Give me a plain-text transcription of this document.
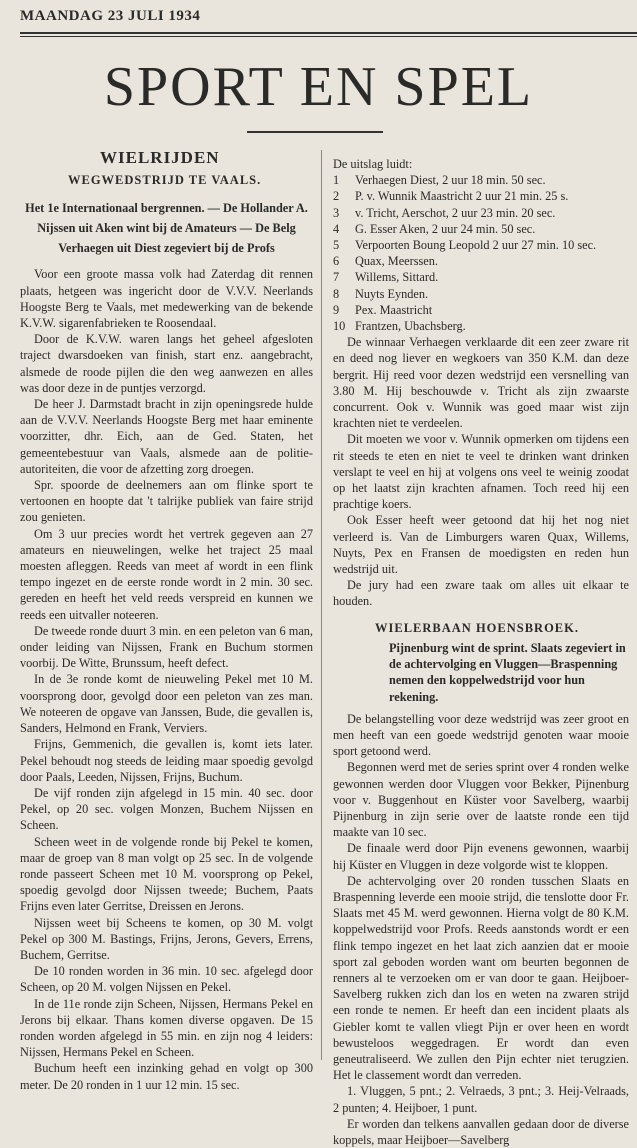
MAANDAG 23 JULI 1934
SPORT EN SPEL
WIELRIJDEN
WEGWEDSTRIJD TE VAALS.
Het 1e Internationaal bergrennen. — De Hollander A. Nijssen uit Aken wint bij de Amateurs — De Belg Verhaegen uit Diest zegeviert bij de Profs

Voor een groote massa volk had Zaterdag dit rennen plaats, hetgeen was ingericht door de V.V.V. Neerlands Hoogste Berg te Vaals, met medewerking van de bekende K.V.W. sigarenfabrieken te Roosendaal.

Door de K.V.W. waren langs het geheel afgesloten traject dwarsdoeken van finish, start enz. aangebracht, alsmede de roode pijlen die den weg aanwezen en alles was door deze in de puntjes verzorgd.

De heer J. Darmstadt bracht in zijn openingsrede hulde aan de V.V.V. Neerlands Hoogste Berg met haar eminente voorzitter, dhr. Eich, aan de Ged. Staten, het gemeentebestuur van Vaals, alsmede aan de politie-autoriteiten, die voor de afzetting zorg droegen.

Spr. spoorde de deelnemers aan om flinke sport te vertoonen en hoopte dat 't talrijke publiek van faire strijd zou genieten.

Om 3 uur precies wordt het vertrek gegeven aan 27 amateurs en nieuwelingen, welke het traject 25 maal moesten afleggen. Reeds van meet af wordt in een flink tempo ingezet en de eerste ronde wordt in 2 min. 30 sec. gereden en heeft het veld reeds verspreid en kunnen we reeds een uitvaller noteeren.

De tweede ronde duurt 3 min. en een peleton van 6 man, onder leiding van Nijssen, Frank en Buchum stormen voorbij. De Witte, Brunssum, heeft defect.

In de 3e ronde komt de nieuweling Pekel met 10 M. voorsprong door, gevolgd door een peleton van zes man. We noteeren de opgave van Janssen, Bude, die gevallen is, Sanders, Helmond en Frank, Verviers.

Frijns, Gemmenich, die gevallen is, komt iets later. Pekel behoudt nog steeds de leiding maar spoedig gevolgd door Paals, Leeden, Nijssen, Frijns, Buchum.

De vijf ronden zijn afgelegd in 15 min. 40 sec. door Pekel, op 20 sec. volgen Monzen, Buchem Nijssen en Scheen.

Scheen weet in de volgende ronde bij Pekel te komen, maar de groep van 8 man volgt op 25 sec. In de volgende ronde passeert Scheen met 10 M. voorsprong op Pekel, spoedig gevolgd door Nijssen tweede; Buchem, Paats Frijns even later Gerritse, Dreissen en Jerons.

Nijssen weet bij Scheens te komen, op 30 M. volgt Pekel op 300 M. Bastings, Frijns, Jerons, Gevers, Errens, Buchem, Gerritse.

De 10 ronden worden in 36 min. 10 sec. afgelegd door Scheen, op 20 M. volgen Nijssen en Pekel.

In de 11e ronde zijn Scheen, Nijssen, Hermans Pekel en Jerons bij elkaar. Thans komen diverse opgaven. De 15 ronden worden afgelegd in 55 min. en zijn nog 4 leiders: Nijssen, Hermans Pekel en Scheen.

Buchum heeft een inzinking gehad en volgt op 300 meter. De 20 ronden in 1 uur 12 min. 15 sec.

De uitslag luidt:

1	Verhaegen Diest, 2 uur 18 min. 50 sec.
2	P. v. Wunnik Maastricht 2 uur 21 min. 25 s.
3	v. Tricht, Aerschot, 2 uur 23 min. 20 sec.
4	G. Esser Aken, 2 uur 24 min. 50 sec.
5	Verpoorten Boung Leopold 2 uur 27 min. 10 sec.
6	Quax, Meerssen.
7	Willems, Sittard.
8	Nuyts Eynden.
9	Pex. Maastricht
10 Frantzen, Ubachsberg.

De winnaar Verhaegen verklaarde dit een zeer zware rit en deed nog liever en wegkoers van 350 K.M. dan deze bergrit. Hij reed voor dezen wedstrijd een versnelling van 3.80 M. Hij beschouwde v. Tricht als zijn zwaarste concurrent. Ook v. Wunnik was goed maar wist zijn krachten niet te verdeelen.

Dit moeten we voor v. Wunnik opmerken om tijdens een rit steeds te eten en niet te veel te drinken want drinken verslapt te veel en hij at volgens ons veel te weinig zoodat op het laatst zijn krachten afnamen. Toch reed hij een prachtige koers.

Ook Esser heeft weer getoond dat hij het nog niet verleerd is. Van de Limburgers waren Quax, Willems, Nuyts, Pex en Fransen de moedigsten en reden hun wedstrijd uit.

De jury had een zware taak om alles uit elkaar te houden.

WIELERBAAN HOENSBROEK.
Pijnenburg wint de sprint. Slaats zegeviert in de achtervolging en Vluggen—Braspenning nemen den koppelwedstrijd voor hun rekening.

De belangstelling voor deze wedstrijd was zeer groot en men heeft van een goede wedstrijd genoten waar mooie sport getoond werd.

Begonnen werd met de series sprint over 4 ronden welke gewonnen werden door Vluggen voor Bekker, Pijnenburg voor v. Buggenhout en Küster voor Savelberg, waarbij Pijnenburg in zijn serie over de laatste ronde een tijd maakte van 10 sec.

De finaale werd door Pijn evenens gewonnen, waarbij hij Küster en Vluggen in deze volgorde wist te kloppen.

De achtervolging over 20 ronden tusschen Slaats en Braspenning leverde een mooie strijd, die tenslotte door Fr. Slaats met 45 M. werd gewonnen. Hierna volgt de 80 K.M. koppelwedstrijd voor Profs. Reeds aanstonds wordt er een flink tempo ingezet en het laat zich aanzien dat er mooie sport zal geboden worden want om beurten begonnen de renners al te verzoeken om er van door te gaan. Heijboer-Savelberg rukken zich dan los en weten na zwaren strijd een ronde te nemen. Er heeft dan een incident plaats als Giebler komt te vallen vliegt Pijn er over heen en wordt bewusteloos weggedragen. Er wordt dan even geneutraliseerd. We zullen den Pijn echter niet terugzien. Het le classement wordt dan verreden.

1. Vluggen, 5 pnt.; 2. Velraeds, 3 pnt.; 3. Heij-Velraads, 2 punten; 4. Heijboer, 1 punt.

Er worden dan telkens aanvallen gedaan door de diverse koppels, maar Heijboer—Savelberg
